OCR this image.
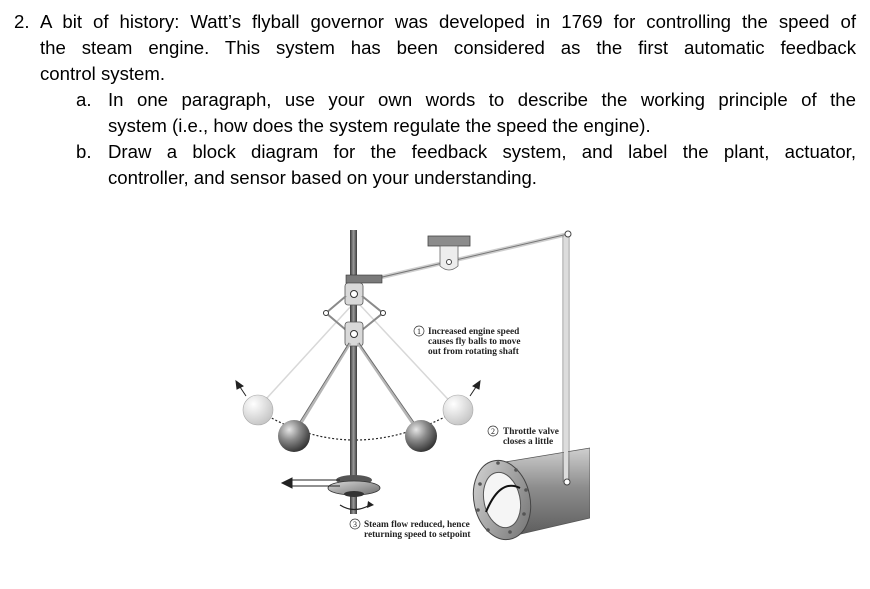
2. A bit of history: Watt’s flyball governor was developed in 1769 for controlling the speed of
the steam engine. This system has been considered as the first automatic feedback
control system.
a. In one paragraph, use your own words to describe the working principle of the
system (i.e., how does the system regulate the speed the engine).
b. Draw a block diagram for the feedback system, and label the plant, actuator,
controller, and sensor based on your understanding.
1 Increased engine speed
causes fly balls to move
out from rotating shaft
2 Throttle valve
closes a little
3 Steam flow reduced, hence
returning speed to setpoint
